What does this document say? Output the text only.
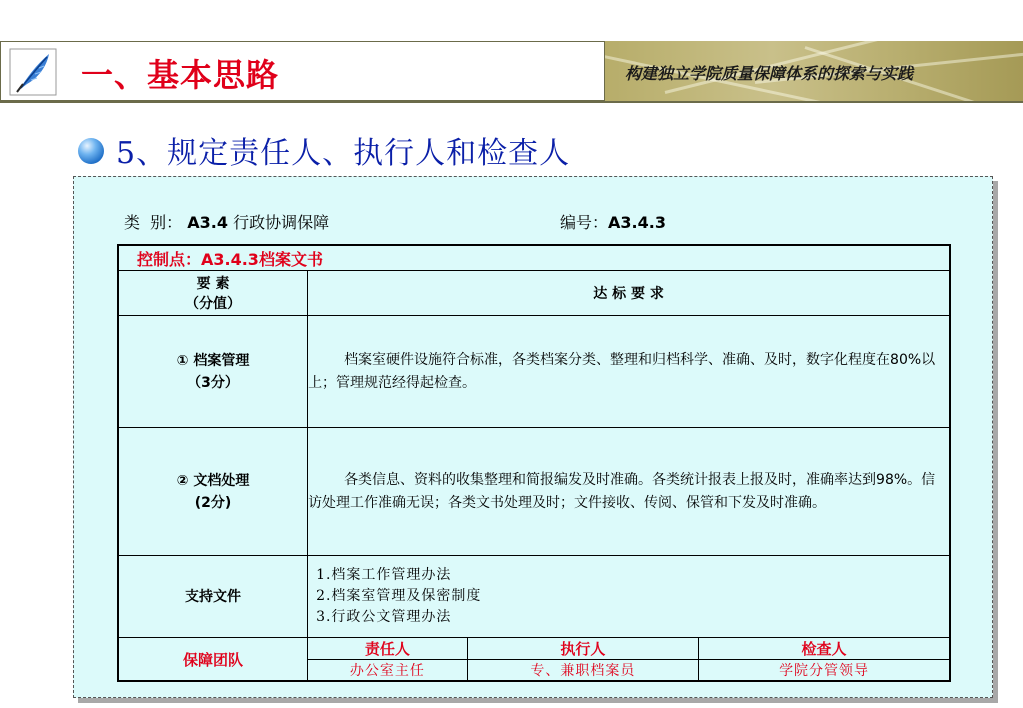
一、基本思路	构建独立学院质量保障体系的探索与实践
5、规定责任人、执行人和检查人
类  别： A3.4 行政协调保障	编号：A3.4.3
控制点：A3.4.3档案文书			

要 素
（分值）	达 标 要 求		

① 档案管理
（3分）	档案室硬件设施符合标准，各类档案分类、整理和归档科学、准确、及时，数字化程度在80%以上；管理规范经得起检查。		

② 文档处理
(2分)	各类信息、资料的收集整理和简报编发及时准确。各类统计报表上报及时，准确率达到98%。信访处理工作准确无误；各类文书处理及时；文件接收、传阅、保管和下发及时准确。		
支持文件	1.档案工作管理办法
2.档案室管理及保密制度
3.行政公文管理办法		

保障团队	责任人	执行人	检查人
	办公室主任	专、兼职档案员	学院分管领导
